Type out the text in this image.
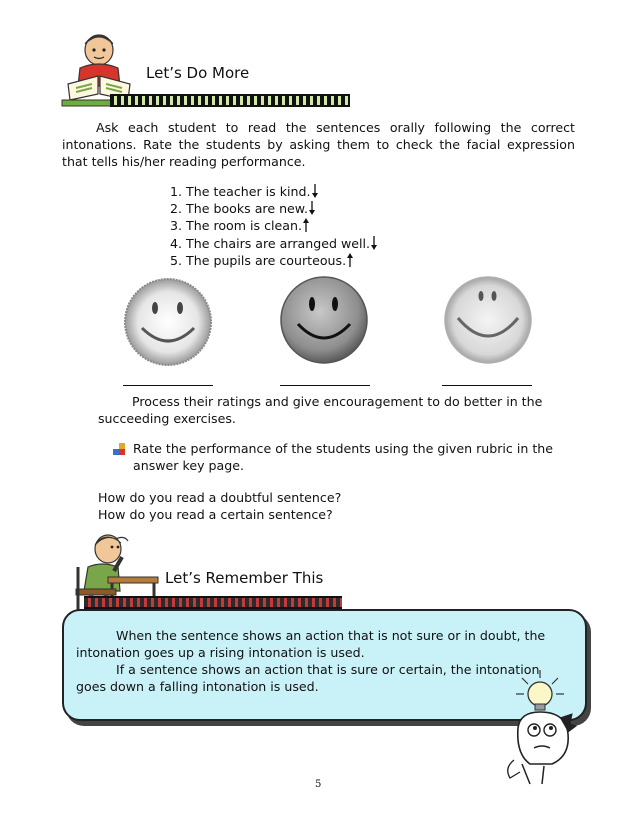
Let’s Do More
Ask each student to read the sentences orally following the correct intonations. Rate the students by asking them to check the facial expression that tells his/her reading performance.
1. The teacher is kind.
2. The books are new.
3. The room is clean.
4. The chairs are arranged well.
5. The pupils are courteous.
Process their ratings and give encouragement to do better in the succeeding exercises.
Rate the performance of the students using the given rubric in the answer key page.
How do you read a doubtful sentence?
How do you read a certain sentence?
Let’s Remember This
When the sentence shows an action that is not sure or in doubt, the intonation goes up a rising intonation is used.
If a sentence shows an action that is sure or certain, the intonation goes down a falling intonation is used.
5
